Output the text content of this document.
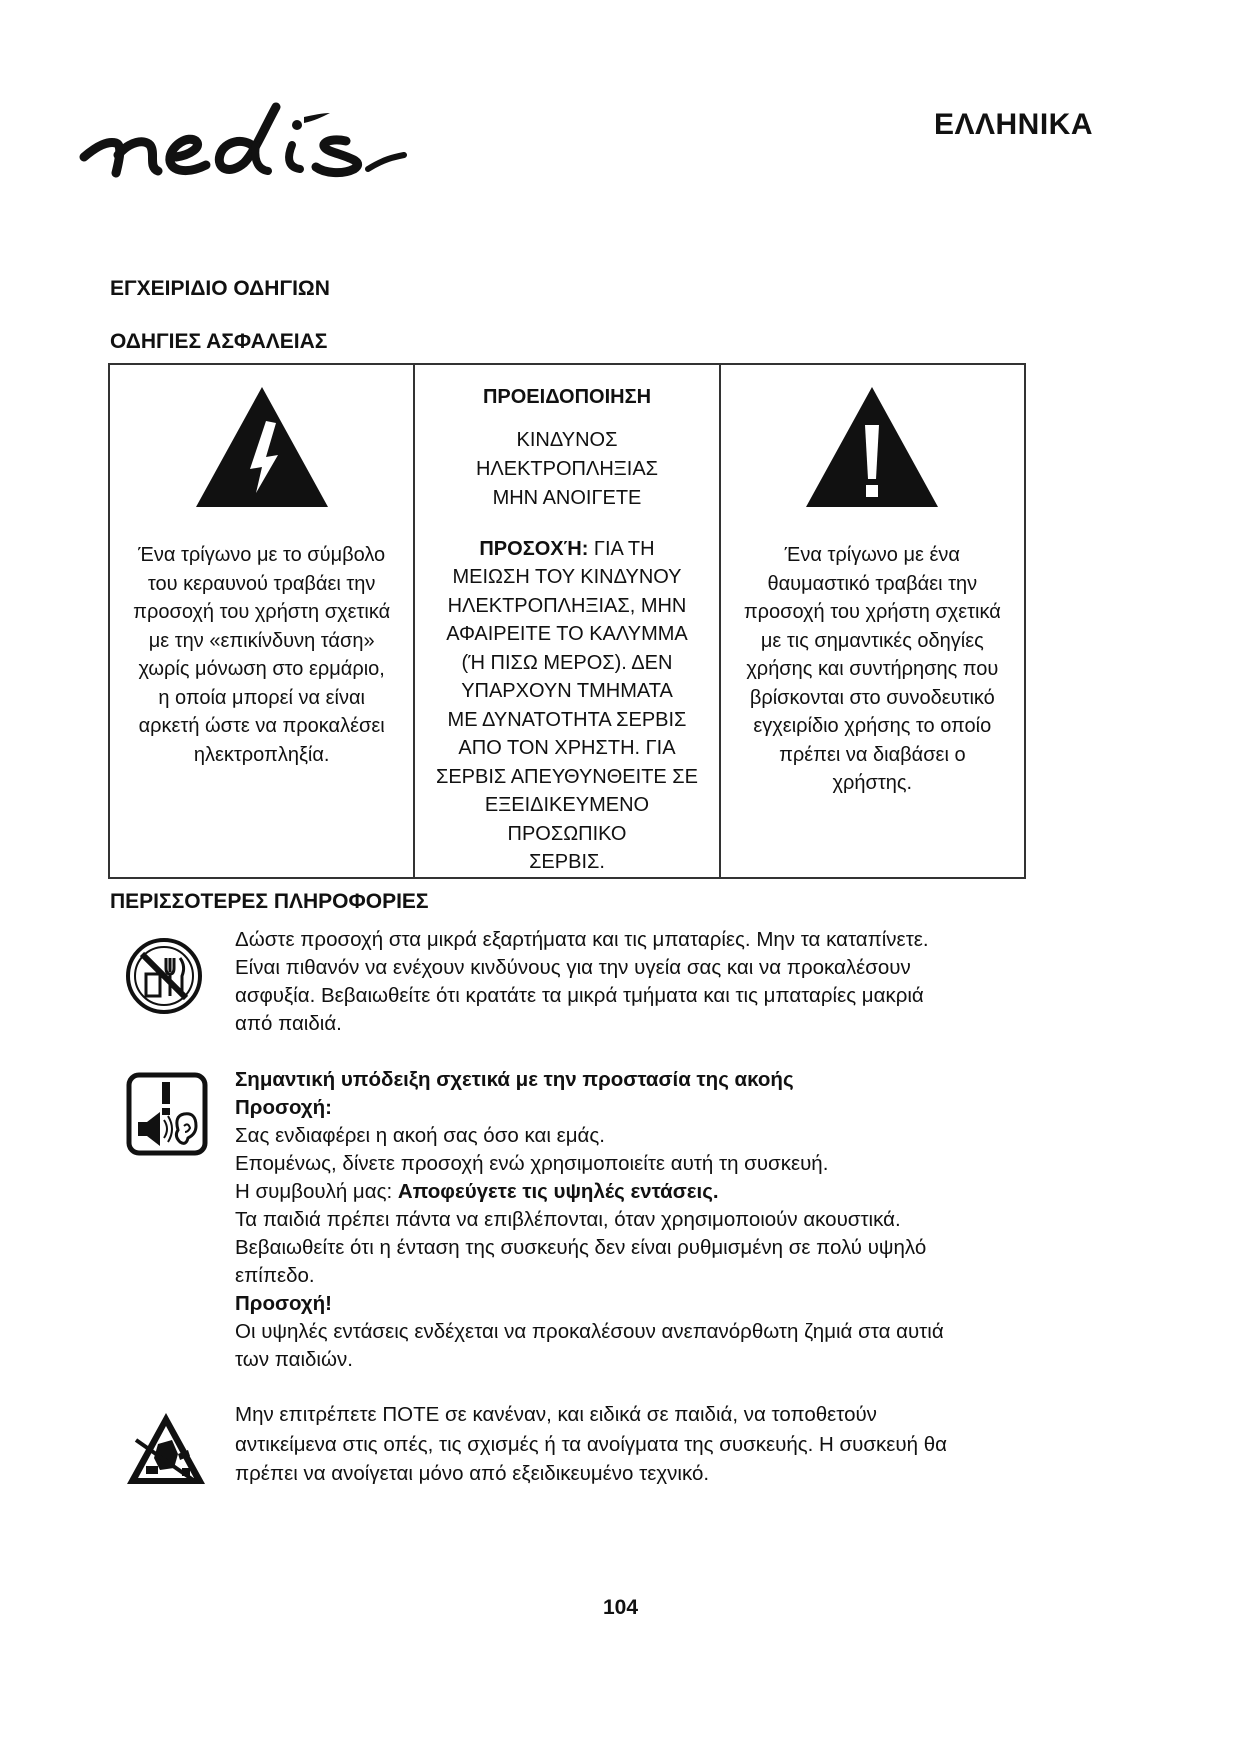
ΕΛΛΗΝΙΚΑ
ΕΓΧΕΙΡΙΔΙΟ ΟΔΗΓΙΩΝ
ΟΔΗΓΙΕΣ ΑΣΦΑΛΕΙΑΣ
Ένα τρίγωνο με το σύμβολο
του κεραυνού τραβάει την
προσοχή του χρήστη σχετικά
με την «επικίνδυνη τάση»
χωρίς μόνωση στο ερμάριο,
η οποία μπορεί να είναι
αρκετή ώστε να προκαλέσει
ηλεκτροπληξία.

ΠΡΟΕΙΔΟΠΟΙΗΣΗ
ΚΙΝΔΥΝΟΣ
ΗΛΕΚΤΡΟΠΛΗΞΙΑΣ
ΜΗΝ ΑΝΟΙΓΕΤΕ
ΠΡΟΣΟΧΉ: ΓΙΑ ΤΗ
ΜΕΙΩΣΗ ΤΟΥ ΚΙΝΔΥΝΟΥ
ΗΛΕΚΤΡΟΠΛΗΞΙΑΣ, ΜΗΝ
ΑΦΑΙΡΕΙΤΕ ΤΟ ΚΑΛΥΜΜΑ
(Ή ΠΙΣΩ ΜΕΡΟΣ). ΔΕΝ
ΥΠΑΡΧΟΥΝ ΤΜΗΜΑΤΑ
ΜΕ ΔΥΝΑΤΟΤΗΤΑ ΣΕΡΒΙΣ
ΑΠΟ ΤΟΝ ΧΡΗΣΤΗ. ΓΙΑ
ΣΕΡΒΙΣ ΑΠΕΥΘΥΝΘΕΙΤΕ ΣΕ
ΕΞΕΙΔΙΚΕΥΜΕΝΟ ΠΡΟΣΩΠΙΚΟ
ΣΕΡΒΙΣ.

Ένα τρίγωνο με ένα
θαυμαστικό τραβάει την
προσοχή του χρήστη σχετικά
με τις σημαντικές οδηγίες
χρήσης και συντήρησης που
βρίσκονται στο συνοδευτικό
εγχειρίδιο χρήσης το οποίο
πρέπει να διαβάσει ο
χρήστης.
ΠΕΡΙΣΣΟΤΕΡΕΣ ΠΛΗΡΟΦΟΡΙΕΣ
Δώστε προσοχή στα μικρά εξαρτήματα και τις μπαταρίες. Μην τα καταπίνετε.
Είναι πιθανόν να ενέχουν κινδύνους για την υγεία σας και να προκαλέσουν
ασφυξία. Βεβαιωθείτε ότι κρατάτε τα μικρά τμήματα και τις μπαταρίες μακριά
από παιδιά.
Σημαντική υπόδειξη σχετικά με την προστασία της ακοής
Προσοχή:
Σας ενδιαφέρει η ακοή σας όσο και εμάς.
Επομένως, δίνετε προσοχή ενώ χρησιμοποιείτε αυτή τη συσκευή.
Η συμβουλή μας: Αποφεύγετε τις υψηλές εντάσεις.
Τα παιδιά πρέπει πάντα να επιβλέπονται, όταν χρησιμοποιούν ακουστικά.
Βεβαιωθείτε ότι η ένταση της συσκευής δεν είναι ρυθμισμένη σε πολύ υψηλό
επίπεδο.
Προσοχή!
Οι υψηλές εντάσεις ενδέχεται να προκαλέσουν ανεπανόρθωτη ζημιά στα αυτιά
των παιδιών.
Μην επιτρέπετε ΠΟΤΕ σε κανέναν, και ειδικά σε παιδιά, να τοποθετούν
αντικείμενα στις οπές, τις σχισμές ή τα ανοίγματα της συσκευής. Η συσκευή θα
πρέπει να ανοίγεται μόνο από εξειδικευμένο τεχνικό.
104
